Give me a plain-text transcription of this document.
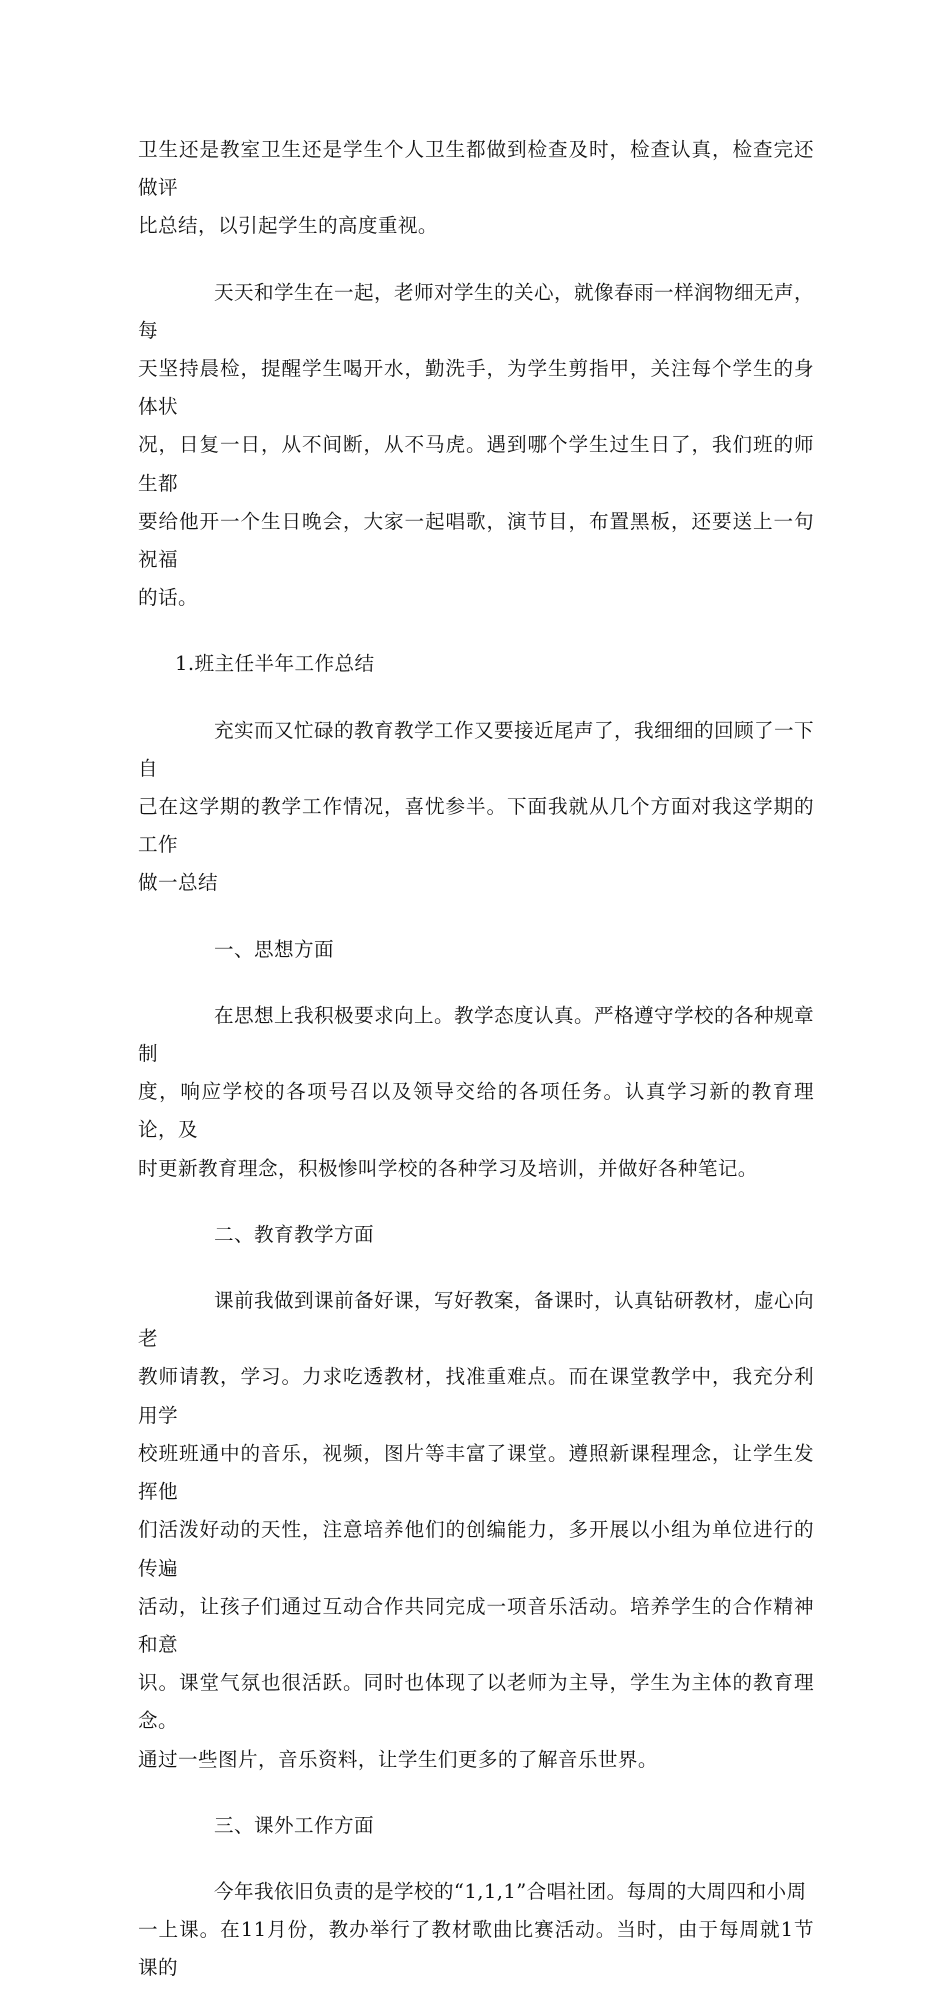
卫生还是教室卫生还是学生个人卫生都做到检查及时，检查认真，检查完还做评
比总结，以引起学生的高度重视。
天天和学生在一起，老师对学生的关心，就像春雨一样润物细无声，每
天坚持晨检，提醒学生喝开水，勤洗手，为学生剪指甲，关注每个学生的身体状
况，日复一日，从不间断，从不马虎。遇到哪个学生过生日了，我们班的师生都
要给他开一个生日晚会，大家一起唱歌，演节目，布置黑板，还要送上一句祝福
的话。
1.班主任半年工作总结
充实而又忙碌的教育教学工作又要接近尾声了，我细细的回顾了一下自
己在这学期的教学工作情况，喜忧参半。下面我就从几个方面对我这学期的工作
做一总结
一、思想方面
在思想上我积极要求向上。教学态度认真。严格遵守学校的各种规章制
度，响应学校的各项号召以及领导交给的各项任务。认真学习新的教育理论，及
时更新教育理念，积极惨叫学校的各种学习及培训，并做好各种笔记。
二、教育教学方面
课前我做到课前备好课，写好教案，备课时，认真钻研教材，虚心向老
教师请教，学习。力求吃透教材，找准重难点。而在课堂教学中，我充分利用学
校班班通中的音乐，视频，图片等丰富了课堂。遵照新课程理念，让学生发挥他
们活泼好动的天性，注意培养他们的创编能力，多开展以小组为单位进行的传遍
活动，让孩子们通过互动合作共同完成一项音乐活动。培养学生的合作精神和意
识。课堂气氛也很活跃。同时也体现了以老师为主导，学生为主体的教育理念。
通过一些图片，音乐资料，让学生们更多的了解音乐世界。
三、课外工作方面
今年我依旧负责的是学校的“1,1,1”合唱社团。每周的大周四和小周
一上课。在11月份，教办举行了教材歌曲比赛活动。当时，由于每周就1节课的
